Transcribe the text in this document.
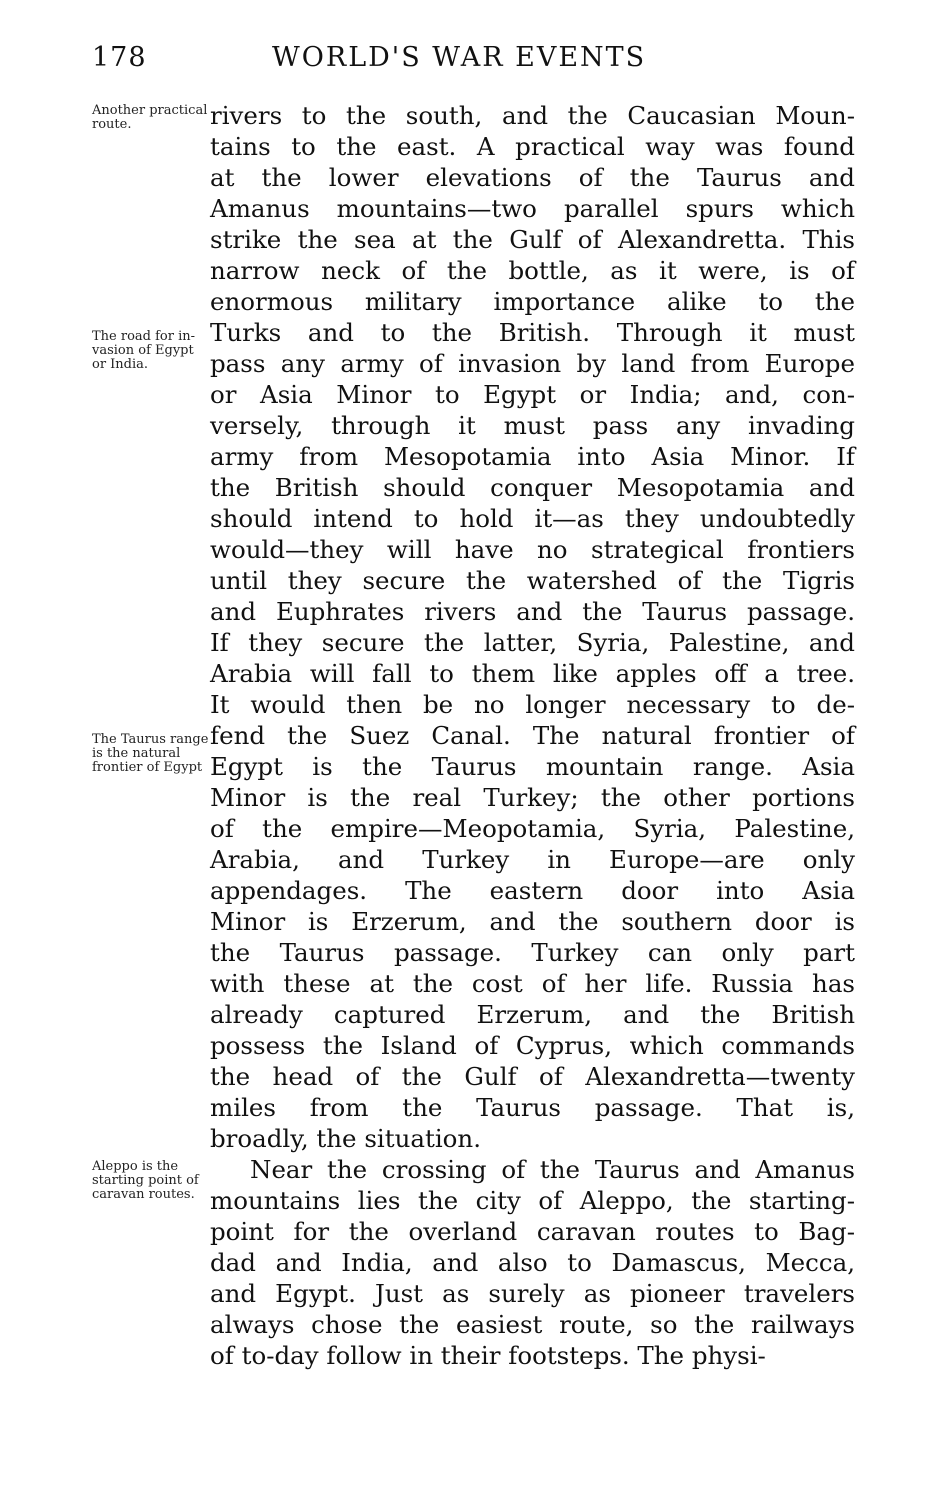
178	WORLD'S WAR EVENTS
Another practical route.
The road for invasion of Egypt or India.
The Taurus range is the natural frontier of Egypt
Aleppo is the starting point of caravan routes.
rivers to the south, and the Caucasian Moun-
tains to the east. A practical way was found
at the lower elevations of the Taurus and
Amanus mountains—two parallel spurs which
strike the sea at the Gulf of Alexandretta. This
narrow neck of the bottle, as it were, is of
enormous military importance alike to the
Turks and to the British. Through it must
pass any army of invasion by land from Europe
or Asia Minor to Egypt or India; and, con-
versely, through it must pass any invading
army from Mesopotamia into Asia Minor. If
the British should conquer Mesopotamia and
should intend to hold it—as they undoubtedly
would—they will have no strategical frontiers
until they secure the watershed of the Tigris
and Euphrates rivers and the Taurus passage.
If they secure the latter, Syria, Palestine, and
Arabia will fall to them like apples off a tree.
It would then be no longer necessary to de-
fend the Suez Canal. The natural frontier of
Egypt is the Taurus mountain range. Asia
Minor is the real Turkey; the other portions
of the empire—Meopotamia, Syria, Palestine,
Arabia, and Turkey in Europe—are only
appendages. The eastern door into Asia
Minor is Erzerum, and the southern door is
the Taurus passage. Turkey can only part
with these at the cost of her life. Russia has
already captured Erzerum, and the British
possess the Island of Cyprus, which commands
the head of the Gulf of Alexandretta—twenty
miles from the Taurus passage. That is,
broadly, the situation.
Near the crossing of the Taurus and Amanus
mountains lies the city of Aleppo, the starting-
point for the overland caravan routes to Bag-
dad and India, and also to Damascus, Mecca,
and Egypt. Just as surely as pioneer travelers
always chose the easiest route, so the railways
of to-day follow in their footsteps. The physi-
